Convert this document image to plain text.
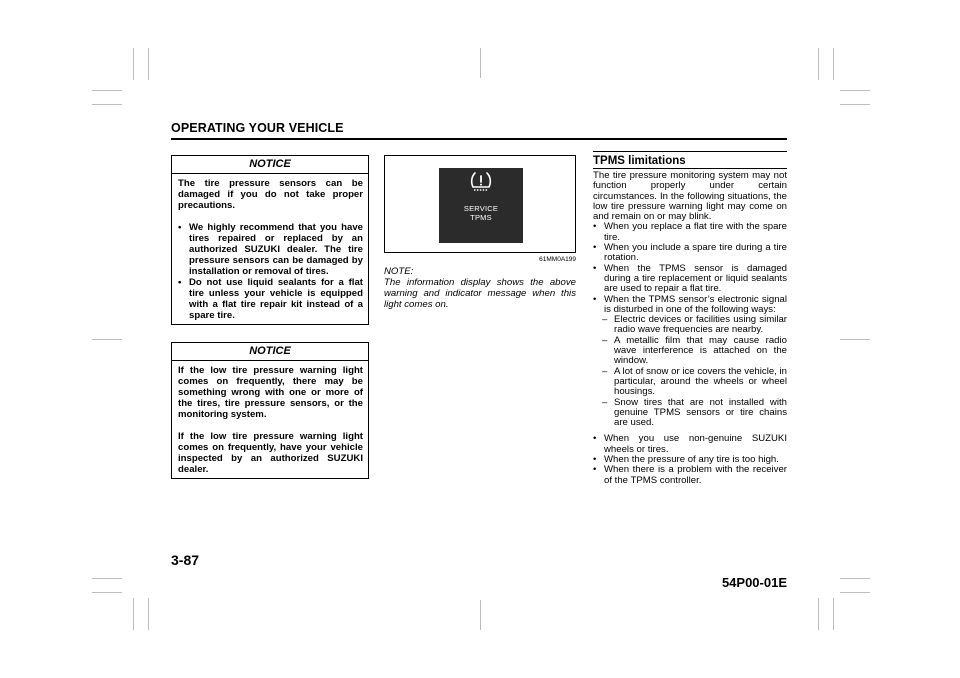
OPERATING YOUR VEHICLE
NOTICE

The tire pressure sensors can be damaged if you do not take proper precautions.

• We highly recommend that you have tires repaired or replaced by an authorized SUZUKI dealer. The tire pressure sensors can be damaged by installation or removal of tires.
• Do not use liquid sealants for a flat tire unless your vehicle is equipped with a flat tire repair kit instead of a spare tire.
NOTICE

If the low tire pressure warning light comes on frequently, there may be something wrong with one or more of the tires, tire pressure sensors, or the monitoring system.

If the low tire pressure warning light comes on frequently, have your vehicle inspected by an authorized SUZUKI dealer.

SERVICE
TPMS
61MM0A199
NOTE:
The information display shows the above warning and indicator message when this light comes on.
TPMS limitations

The tire pressure monitoring system may not function properly under certain circumstances. In the following situations, the low tire pressure warning light may come on and remain on or may blink.

• When you replace a flat tire with the spare tire.
• When you include a spare tire during a tire rotation.
• When the TPMS sensor is damaged during a tire replacement or liquid sealants are used to repair a flat tire.
• When the TPMS sensor’s electronic signal is disturbed in one of the following ways:
– Electric devices or facilities using similar radio wave frequencies are nearby.
– A metallic film that may cause radio wave interference is attached on the window.
– A lot of snow or ice covers the vehicle, in particular, around the wheels or wheel housings.
– Snow tires that are not installed with genuine TPMS sensors or tire chains are used.
• When you use non-genuine SUZUKI wheels or tires.
• When the pressure of any tire is too high.
• When there is a problem with the receiver of the TPMS controller.
3-87
54P00-01E
